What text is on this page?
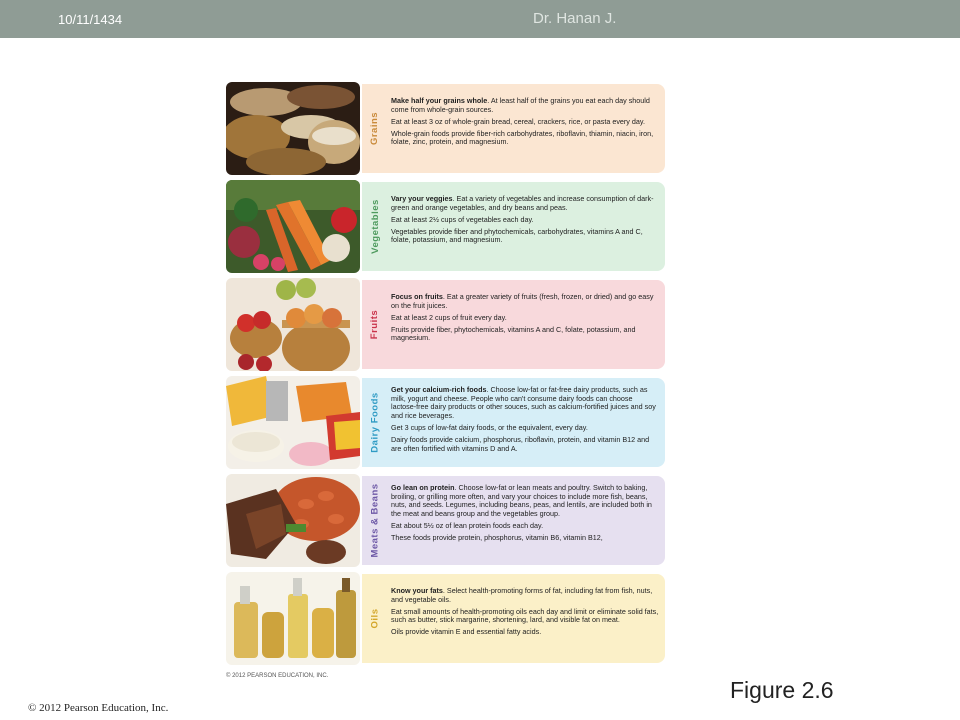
10/11/1434	Dr. Hanan J.
Grains

Make half your grains whole. At least half of the grains you eat each day should come from whole-grain sources.

Eat at least 3 oz of whole-grain bread, cereal, crackers, rice, or pasta every day.

Whole-grain foods provide fiber-rich carbohydrates, riboflavin, thiamin, niacin, iron, folate, zinc, protein, and magnesium.

Vegetables

Vary your veggies. Eat a variety of vegetables and increase consumption of dark-green and orange vegetables, and dry beans and peas.

Eat at least 2½ cups of vegetables each day.

Vegetables provide fiber and phytochemicals, carbohydrates, vitamins A and C, folate, potassium, and magnesium.

Fruits

Focus on fruits. Eat a greater variety of fruits (fresh, frozen, or dried) and go easy on the fruit juices.

Eat at least 2 cups of fruit every day.

Fruits provide fiber, phytochemicals, vitamins A and C, folate, potassium, and magnesium.

Dairy Foods

Get your calcium-rich foods. Choose low-fat or fat-free dairy products, such as milk, yogurt and cheese. People who can't consume dairy foods can choose lactose-free dairy products or other souces, such as calcium-fortified juices and soy and rice beverages.

Get 3 cups of low-fat dairy foods, or the equivalent, every day.

Dairy foods provide calcium, phosphorus, riboflavin, protein, and vitamin B12 and are often fortified with vitamins D and A.

Meats & Beans Go lean on protein. Choose low-fat or lean meats and poultry. Switch to baking, broiling, or grilling more often, and vary your choices to include more fish, beans, nuts, and seeds. Legumes, including beans, peas, and lentils, are included both in the meat and beans group and the vegetables group.

Eat about 5½ oz of lean protein foods each day.

These foods provide protein, phosphorus, vitamin B6, vitamin B12,

Oils

Know your fats. Select health-promoting forms of fat, including fat from fish, nuts, and vegetable oils.

Eat small amounts of health-promoting oils each day and limit or eliminate solid fats, such as butter, stick margarine, shortening, lard, and visible fat on meat.

Oils provide vitamin E and essential fatty acids.

© 2012 PEARSON EDUCATION, INC.
Figure 2.6
© 2012 Pearson Education, Inc.
